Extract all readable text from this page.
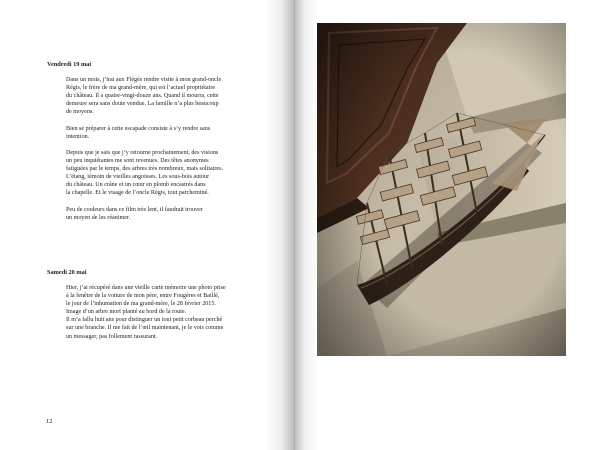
Vendredi 19 mai

Dans un mois, j’irai aux Flégès rendre visite à mon grand-oncle
Régis, le frère de ma grand-mère, qui est l’actuel propriétaire
du château. Il a quatre-vingt-douze ans. Quand il mourra, cette
demeure sera sans doute vendue. La famille n’a plus beaucoup
de moyens.

Bien se préparer à cette escapade consiste à s’y rendre sans
intention.

Depuis que je sais que j’y retourne prochainement, des visions
un peu inquiétantes me sont revenues. Des têtes anonymes
fatiguées par le temps, des arbres très nombreux, mais solitaires.
L’étang, témoin de vieilles angoisses. Les sous-bois autour
du château. Un crâne et un cœur en plomb encastrés dans
la chapelle. Et le visage de l’oncle Régis, tout parcheminé.

Peu de couleurs dans ce film très lent, il faudrait trouver
un moyen de les réanimer.

Samedi 20 mai

Hier, j’ai récupéré dans une vieille carte mémoire une photo prise
à la fenêtre de la voiture de mon père, entre Fougères et Baillé,
le jour de l’inhumation de ma grand-mère, le 28 février 2015.
Image d’un arbre mort planté au bord de la route.
Il m’a fallu huit ans pour distinguer un tout petit corbeau perché
sur une branche. Il me fait de l’œil maintenant, je le vois comme
un messager, pas follement rassurant.

12
